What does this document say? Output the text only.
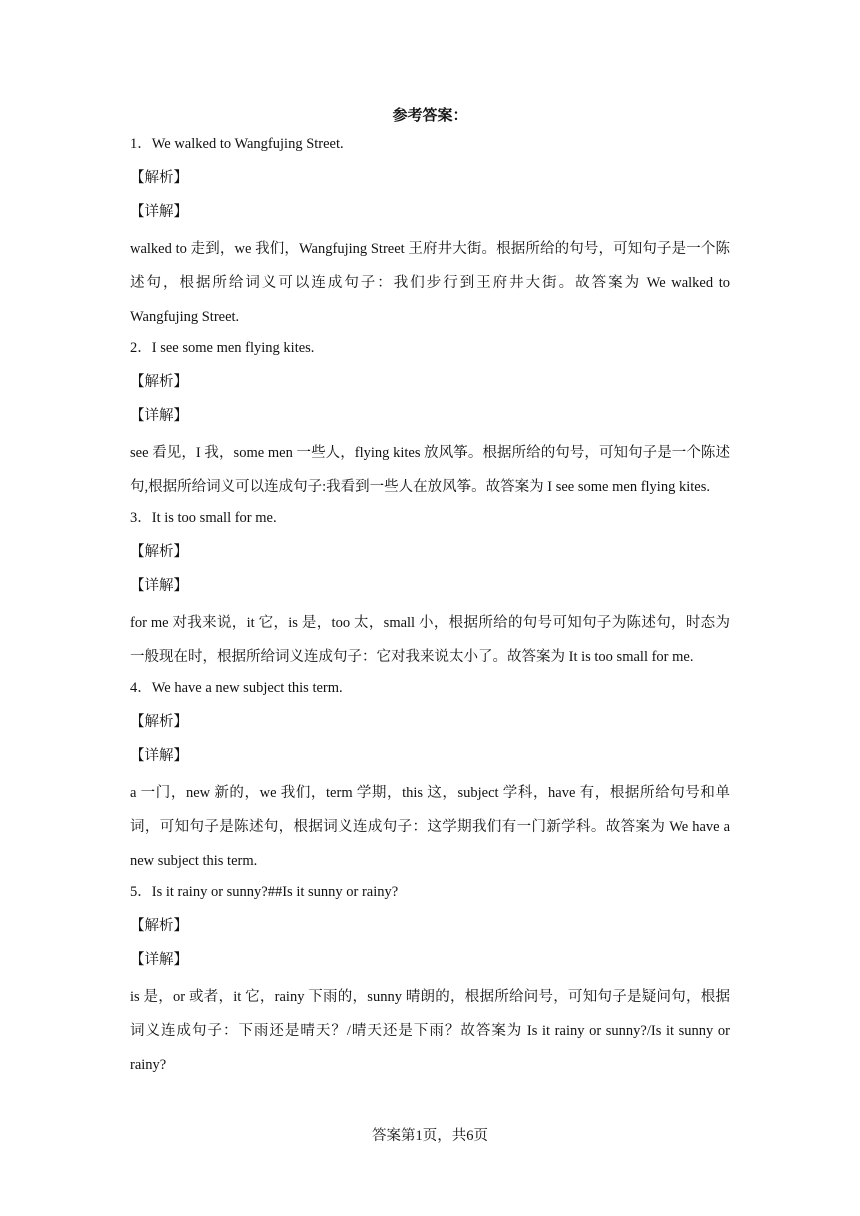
参考答案：
1．We walked to Wangfujing Street.
【解析】
【详解】
walked to 走到，we 我们，Wangfujing Street 王府井大街。根据所给的句号，可知句子是一个陈述句，根据所给词义可以连成句子：我们步行到王府井大街。故答案为 We walked to Wangfujing Street.
2．I see some men flying kites.
【解析】
【详解】
see 看见，I 我，some men 一些人，flying kites 放风筝。根据所给的句号，可知句子是一个陈述句,根据所给词义可以连成句子:我看到一些人在放风筝。故答案为 I see some men flying kites.
3．It is too small for me.
【解析】
【详解】
for me 对我来说，it 它，is 是，too 太，small 小，根据所给的句号可知句子为陈述句，时态为一般现在时，根据所给词义连成句子：它对我来说太小了。故答案为 It is too small for me.
4．We have a new subject this term.
【解析】
【详解】
a 一门，new 新的，we 我们，term 学期，this 这，subject 学科，have 有，根据所给句号和单词，可知句子是陈述句，根据词义连成句子：这学期我们有一门新学科。故答案为 We have a new subject this term.
5．Is it rainy or sunny?##Is it sunny or rainy?
【解析】
【详解】
is 是，or 或者，it 它，rainy 下雨的，sunny 晴朗的，根据所给问号，可知句子是疑问句，根据词义连成句子：下雨还是晴天？/晴天还是下雨？故答案为 Is it rainy or sunny?/Is it sunny or rainy?
答案第1页，共6页
